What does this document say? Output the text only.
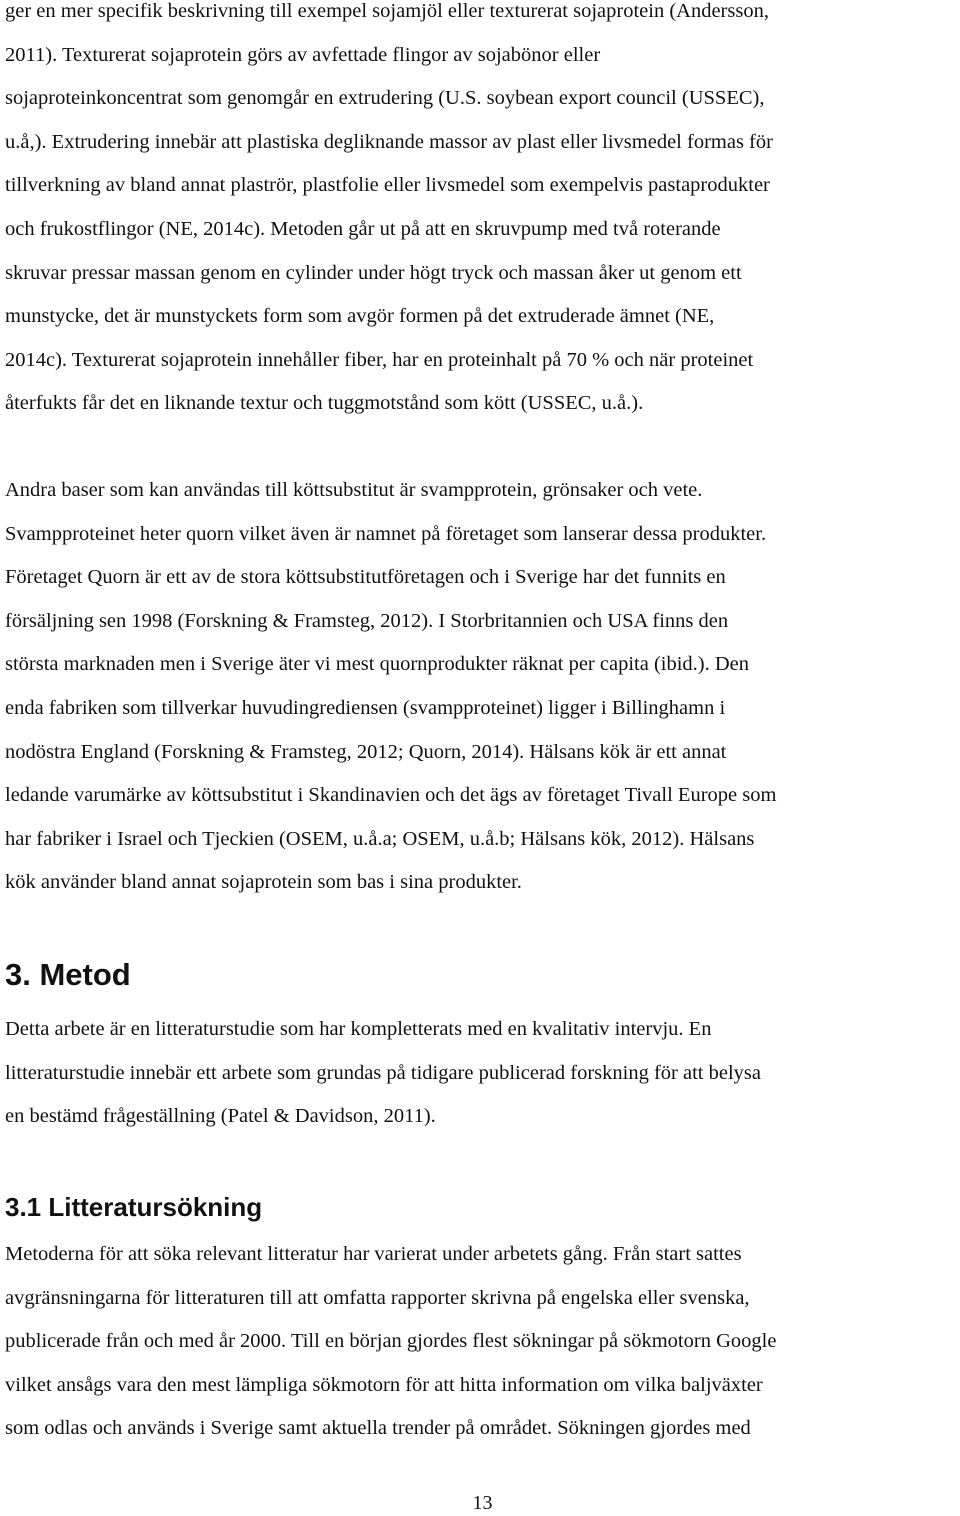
ger en mer specifik beskrivning till exempel sojamjöl eller texturerat sojaprotein (Andersson,
2011). Texturerat sojaprotein görs av avfettade flingor av sojabönor eller
sojaproteinkoncentrat som genomgår en extrudering (U.S. soybean export council (USSEC),
u.å,). Extrudering innebär att plastiska degliknande massor av plast eller livsmedel formas för
tillverkning av bland annat plaströr, plastfolie eller livsmedel som exempelvis pastaprodukter
och frukostflingor (NE, 2014c). Metoden går ut på att en skruvpump med två roterande
skruvar pressar massan genom en cylinder under högt tryck och massan åker ut genom ett
munstycke, det är munstyckets form som avgör formen på det extruderade ämnet (NE,
2014c). Texturerat sojaprotein innehåller fiber, har en proteinhalt på 70 % och när proteinet
återfukts får det en liknande textur och tuggmotstånd som kött (USSEC, u.å.).
Andra baser som kan användas till köttsubstitut är svampprotein, grönsaker och vete.
Svampproteinet heter quorn vilket även är namnet på företaget som lanserar dessa produkter.
Företaget Quorn är ett av de stora köttsubstitutföretagen och i Sverige har det funnits en
försäljning sen 1998 (Forskning & Framsteg, 2012). I Storbritannien och USA finns den
största marknaden men i Sverige äter vi mest quornprodukter räknat per capita (ibid.). Den
enda fabriken som tillverkar huvudingrediensen (svampproteinet) ligger i Billinghamn i
nodöstra England (Forskning & Framsteg, 2012; Quorn, 2014). Hälsans kök är ett annat
ledande varumärke av köttsubstitut i Skandinavien och det ägs av företaget Tivall Europe som
har fabriker i Israel och Tjeckien (OSEM, u.å.a; OSEM, u.å.b; Hälsans kök, 2012). Hälsans
kök använder bland annat sojaprotein som bas i sina produkter.
3. Metod
Detta arbete är en litteraturstudie som har kompletterats med en kvalitativ intervju. En
litteraturstudie innebär ett arbete som grundas på tidigare publicerad forskning för att belysa
en bestämd frågeställning (Patel & Davidson, 2011).
3.1 Litteratursökning
Metoderna för att söka relevant litteratur har varierat under arbetets gång. Från start sattes
avgränsningarna för litteraturen till att omfatta rapporter skrivna på engelska eller svenska,
publicerade från och med år 2000. Till en början gjordes flest sökningar på sökmotorn Google
vilket ansågs vara den mest lämpliga sökmotorn för att hitta information om vilka baljväxter
som odlas och används i Sverige samt aktuella trender på området. Sökningen gjordes med
13
